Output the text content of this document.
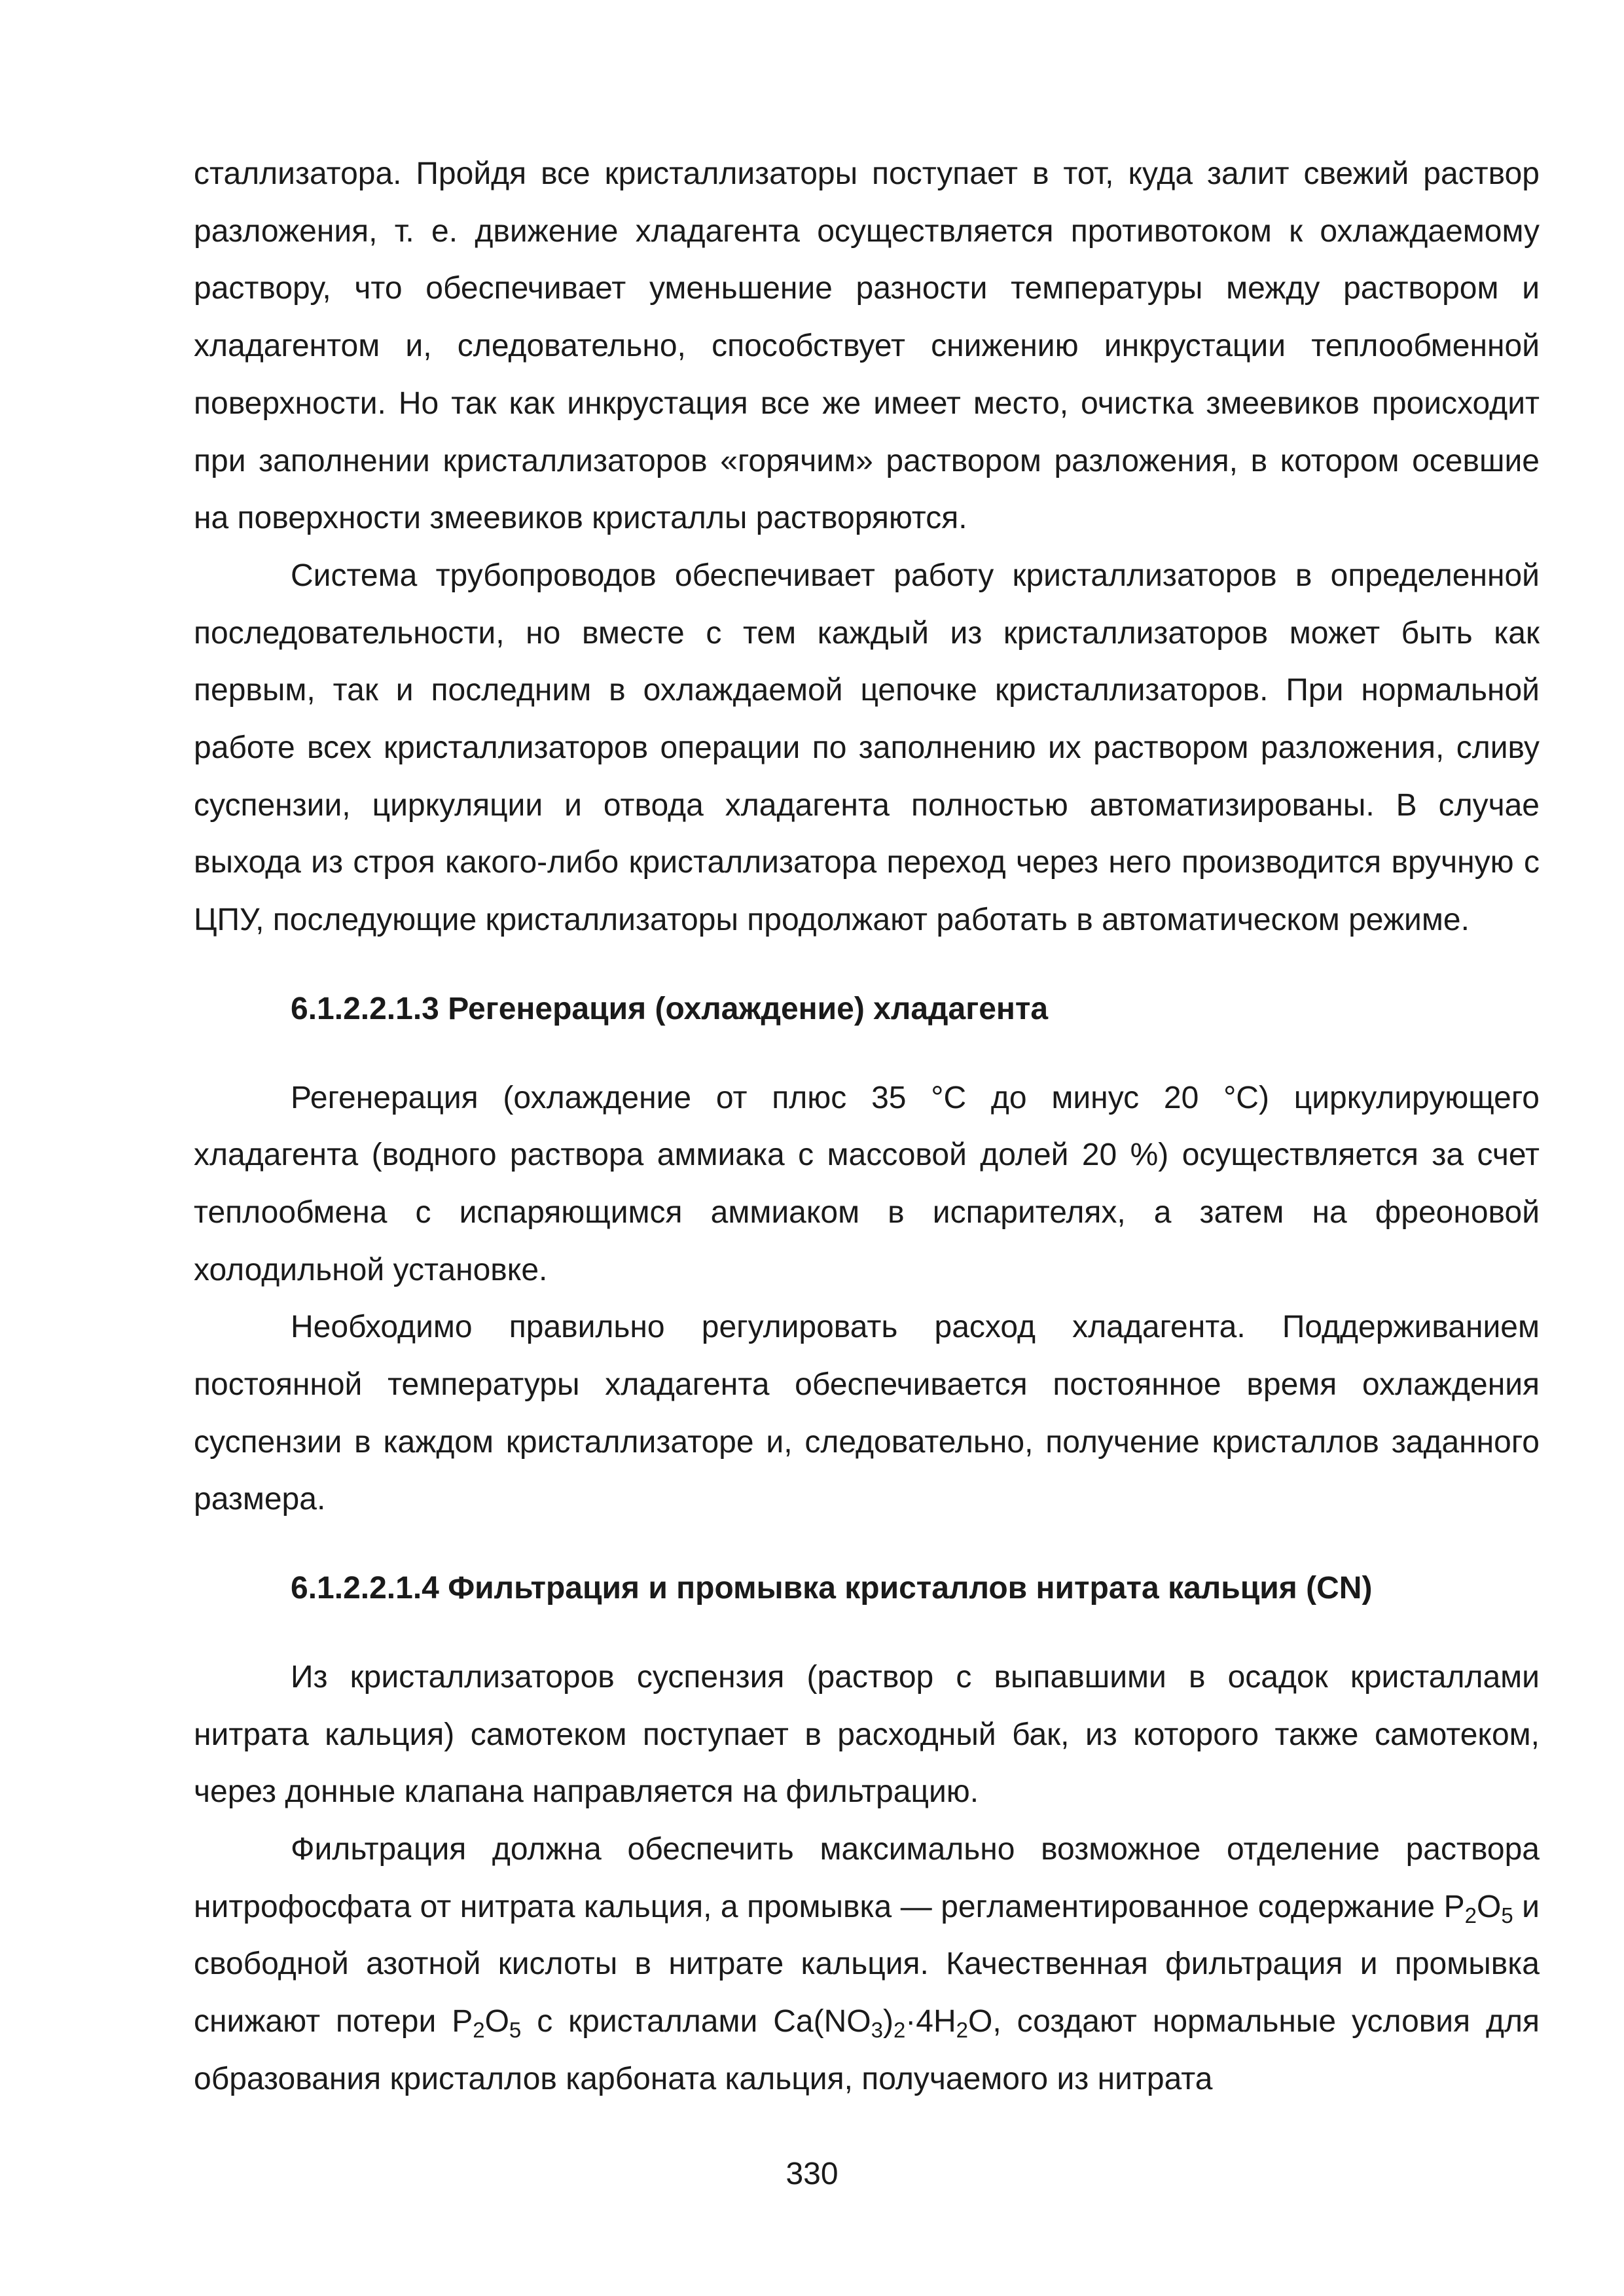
сталлизатора. Пройдя все кристаллизаторы поступает в тот, куда залит свежий раствор разложения, т. е. движение хладагента осуществляется противотоком к охлаждаемому раствору, что обеспечивает уменьшение разности температуры между раствором и хладагентом и, следовательно, способствует снижению инкрустации теплообменной поверхности. Но так как инкрустация все же имеет место, очистка змеевиков происходит при заполнении кристаллизаторов «горячим» раствором разложения, в котором осевшие на поверхности змеевиков кристаллы растворяются.

Система трубопроводов обеспечивает работу кристаллизаторов в определенной последовательности, но вместе с тем каждый из кристаллизаторов может быть как первым, так и последним в охлаждаемой цепочке кристаллизаторов. При нормальной работе всех кристаллизаторов операции по заполнению их раствором разложения, сливу суспензии, циркуляции и отвода хладагента полностью автоматизированы. В случае выхода из строя какого-либо кристаллизатора переход через него производится вручную с ЦПУ, последующие кристаллизаторы продолжают работать в автоматическом режиме.

6.1.2.2.1.3 Регенерация (охлаждение) хладагента

Регенерация (охлаждение от плюс 35 °С до минус 20 °С) циркулирующего хладагента (водного раствора аммиака с массовой долей 20 %) осуществляется за счет теплообмена с испаряющимся аммиаком в испарителях, а затем на фреоновой холодильной установке.

Необходимо правильно регулировать расход хладагента. Поддерживанием постоянной температуры хладагента обеспечивается постоянное время охлаждения суспензии в каждом кристаллизаторе и, следовательно, получение кристаллов заданного размера.

6.1.2.2.1.4 Фильтрация и промывка кристаллов нитрата кальция (CN)

Из кристаллизаторов суспензия (раствор с выпавшими в осадок кристаллами нитрата кальция) самотеком поступает в расходный бак, из которого также самотеком, через донные клапана направляется на фильтрацию.

Фильтрация должна обеспечить максимально возможное отделение раствора нитрофосфата от нитрата кальция, а промывка — регламентированное содержание $P_2O_5$ и свободной азотной кислоты в нитрате кальция. Качественная фильтрация и промывка снижают потери $P_2O_5$ с кристаллами $Ca(NO_3)_2\cdot 4H_2O$, создают нормальные условия для образования кристаллов карбоната кальция, получаемого из нитрата

330
